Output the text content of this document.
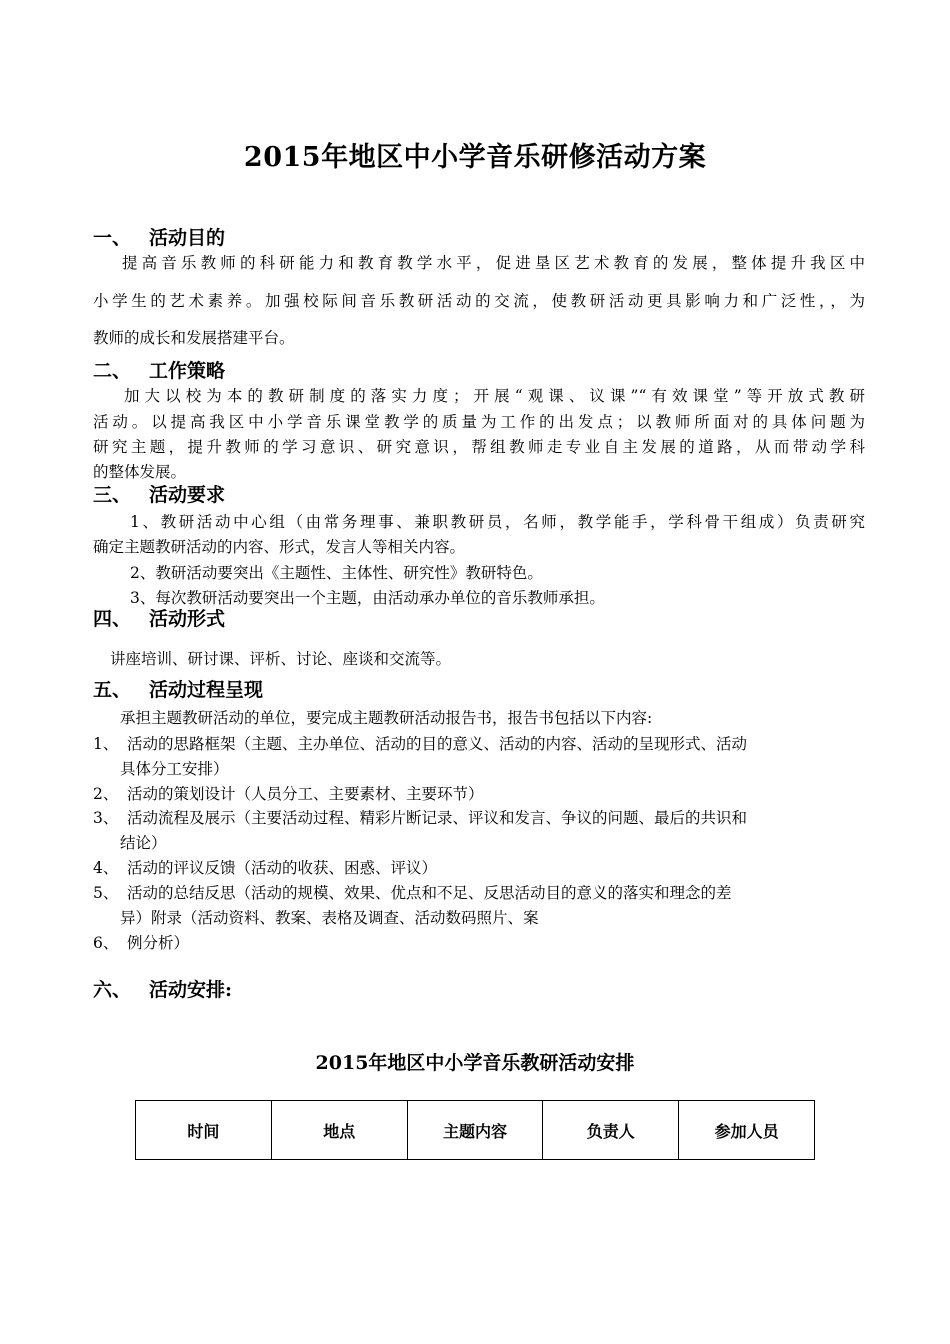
2015年地区中小学音乐研修活动方案
一、 活动目的
提高音乐教师的科研能力和教育教学水平，促进垦区艺术教育的发展，整体提升我区中
小学生的艺术素养。加强校际间音乐教研活动的交流，使教研活动更具影响力和广泛性，，为
教师的成长和发展搭建平台。
二、 工作策略
加大以校为本的教研制度的落实力度；开展“观课、议课”“有效课堂”等开放式教研
活动。以提高我区中小学音乐课堂教学的质量为工作的出发点；以教师所面对的具体问题为
研究主题，提升教师的学习意识、研究意识，帮组教师走专业自主发展的道路，从而带动学科
的整体发展。
三、 活动要求
1、教研活动中心组（由常务理事、兼职教研员，名师，教学能手，学科骨干组成）负责研究
确定主题教研活动的内容、形式，发言人等相关内容。
2、教研活动要突出《主题性、主体性、研究性》教研特色。
3、每次教研活动要突出一个主题，由活动承办单位的音乐教师承担。
四、 活动形式
讲座培训、研讨课、评析、讨论、座谈和交流等。
五、 活动过程呈现
承担主题教研活动的单位，要完成主题教研活动报告书，报告书包括以下内容:
1、 活动的思路框架（主题、主办单位、活动的目的意义、活动的内容、活动的呈现形式、活动
具体分工安排）
2、 活动的策划设计（人员分工、主要素材、主要环节）
3、 活动流程及展示（主要活动过程、精彩片断记录、评议和发言、争议的问题、最后的共识和
结论）
4、 活动的评议反馈（活动的收获、困惑、评议）
5、 活动的总结反思（活动的规模、效果、优点和不足、反思活动目的意义的落实和理念的差
异）附录（活动资料、教案、表格及调查、活动数码照片、案
6、 例分析）
六、 活动安排:
2015年地区中小学音乐教研活动安排
时间	地点	主题内容	负责人	参加人员
